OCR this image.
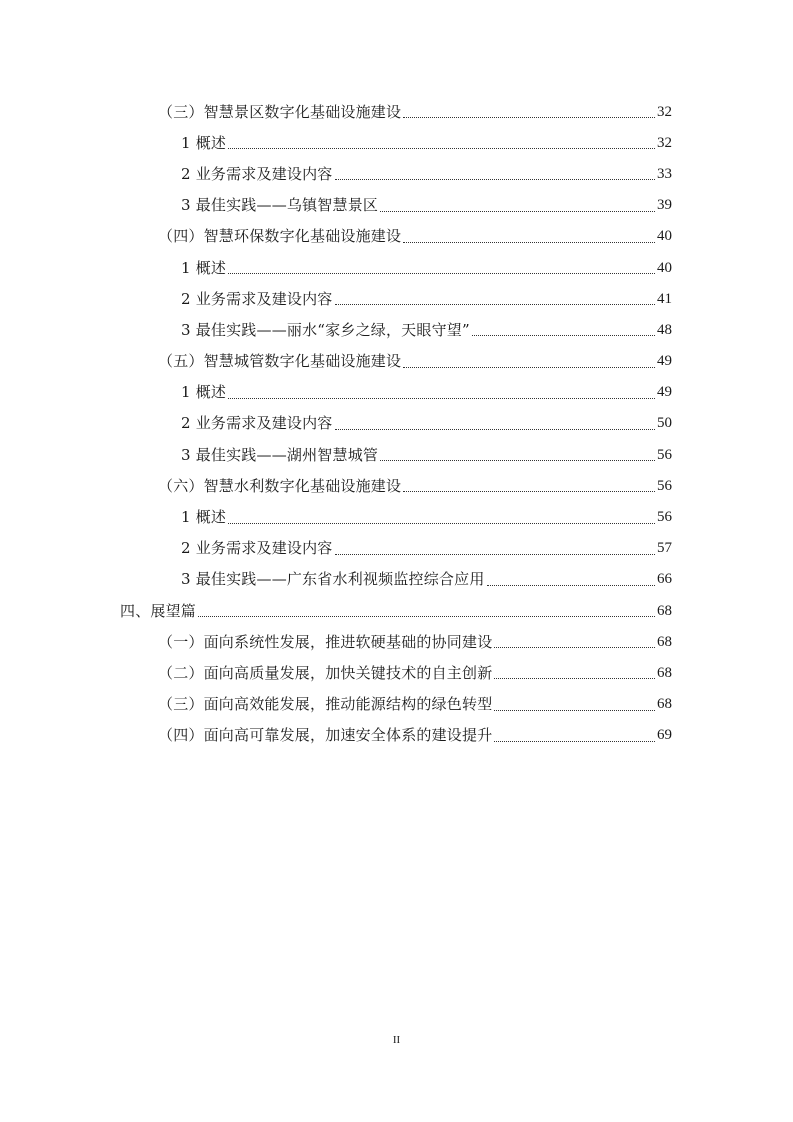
（三）智慧景区数字化基础设施建设	32
1 概述	32
2 业务需求及建设内容	33
3 最佳实践——乌镇智慧景区	39
（四）智慧环保数字化基础设施建设	40
1 概述	40
2 业务需求及建设内容	41
3 最佳实践——丽水“家乡之绿，天眼守望”	48
（五）智慧城管数字化基础设施建设	49
1 概述	49
2 业务需求及建设内容	50
3 最佳实践——湖州智慧城管	56
（六）智慧水利数字化基础设施建设	56
1 概述	56
2 业务需求及建设内容	57
3 最佳实践——广东省水利视频监控综合应用	66
四、展望篇	68
（一）面向系统性发展，推进软硬基础的协同建设	68
（二）面向高质量发展，加快关键技术的自主创新	68
（三）面向高效能发展，推动能源结构的绿色转型	68
（四）面向高可靠发展，加速安全体系的建设提升	69
II
